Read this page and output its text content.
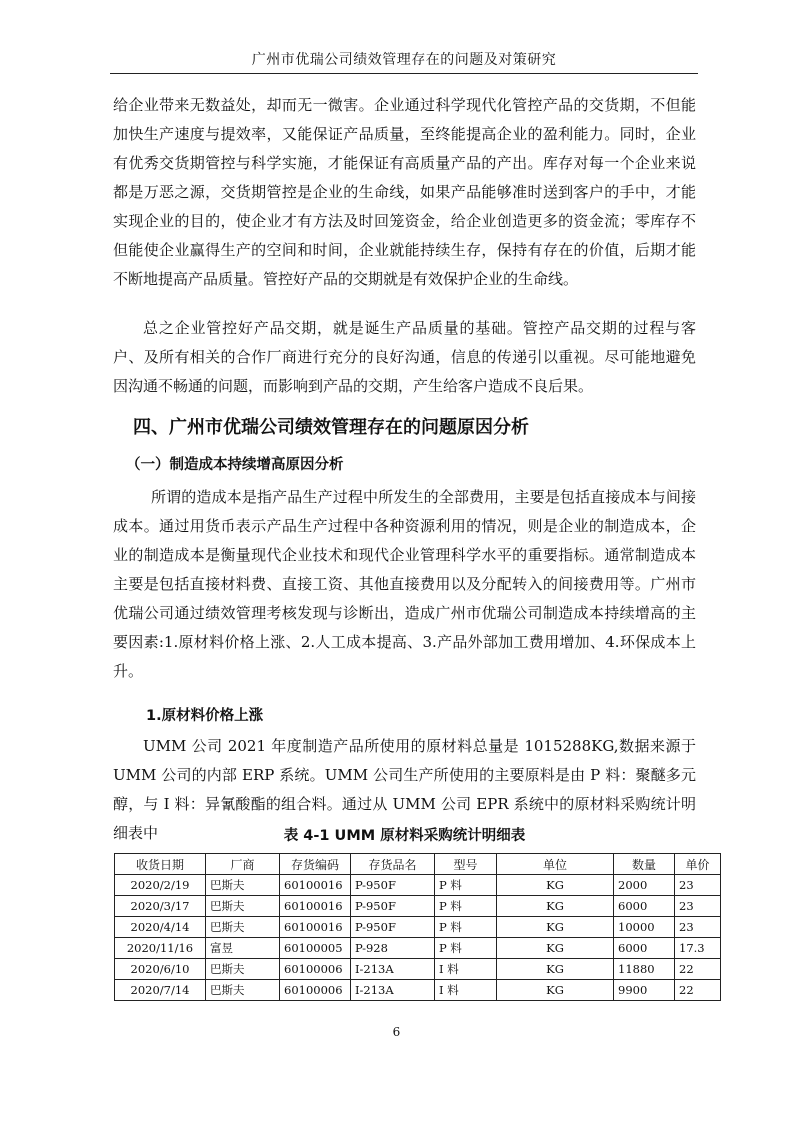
广州市优瑞公司绩效管理存在的问题及对策研究

给企业带来无数益处，却而无一微害。企业通过科学现代化管控产品的交货期，不但能加快生产速度与提效率，又能保证产品质量，至终能提高企业的盈利能力。同时，企业有优秀交货期管控与科学实施，才能保证有高质量产品的产出。库存对每一个企业来说都是万恶之源，交货期管控是企业的生命线，如果产品能够准时送到客户的手中，才能实现企业的目的，使企业才有方法及时回笼资金，给企业创造更多的资金流；零库存不但能使企业赢得生产的空间和时间，企业就能持续生存，保持有存在的价值，后期才能不断地提高产品质量。管控好产品的交期就是有效保护企业的生命线。

总之企业管控好产品交期，就是诞生产品质量的基础。管控产品交期的过程与客户、及所有相关的合作厂商进行充分的良好沟通，信息的传递引以重视。尽可能地避免因沟通不畅通的问题，而影响到产品的交期，产生给客户造成不良后果。

四、广州市优瑞公司绩效管理存在的问题原因分析
（一）制造成本持续增高原因分析

所谓的造成本是指产品生产过程中所发生的全部费用，主要是包括直接成本与间接成本。通过用货币表示产品生产过程中各种资源利用的情况，则是企业的制造成本，企业的制造成本是衡量现代企业技术和现代企业管理科学水平的重要指标。通常制造成本主要是包括直接材料费、直接工资、其他直接费用以及分配转入的间接费用等。广州市优瑞公司通过绩效管理考核发现与诊断出，造成广州市优瑞公司制造成本持续增高的主要因素:1.原材料价格上涨、2.人工成本提高、3.产品外部加工费用增加、4.环保成本上升。

1.原材料价格上涨

UMM 公司 2021 年度制造产品所使用的原材料总量是 1015288KG,数据来源于 UMM 公司的内部 ERP 系统。UMM 公司生产所使用的主要原料是由 P 料：聚醚多元醇，与 I 料：异氰酸酯的组合料。通过从 UMM 公司 EPR 系统中的原材料采购统计明细表中	表 4-1 UMM 原材料采购统计明细表
收货日期	厂商	存货编码	存货品名	型号	单位	数量	单价
2020/2/19	巴斯夫	60100016	P-950F	P 料	KG	2000	23
2020/3/17	巴斯夫	60100016	P-950F	P 料	KG	6000	23
2020/4/14	巴斯夫	60100016	P-950F	P 料	KG	10000	23
2020/11/16	富昱	60100005	P-928	P 料	KG	6000	17.3
2020/6/10	巴斯夫	60100006	I-213A	I 料	KG	11880	22
2020/7/14	巴斯夫	60100006	I-213A	I 料	KG	9900	22
6
